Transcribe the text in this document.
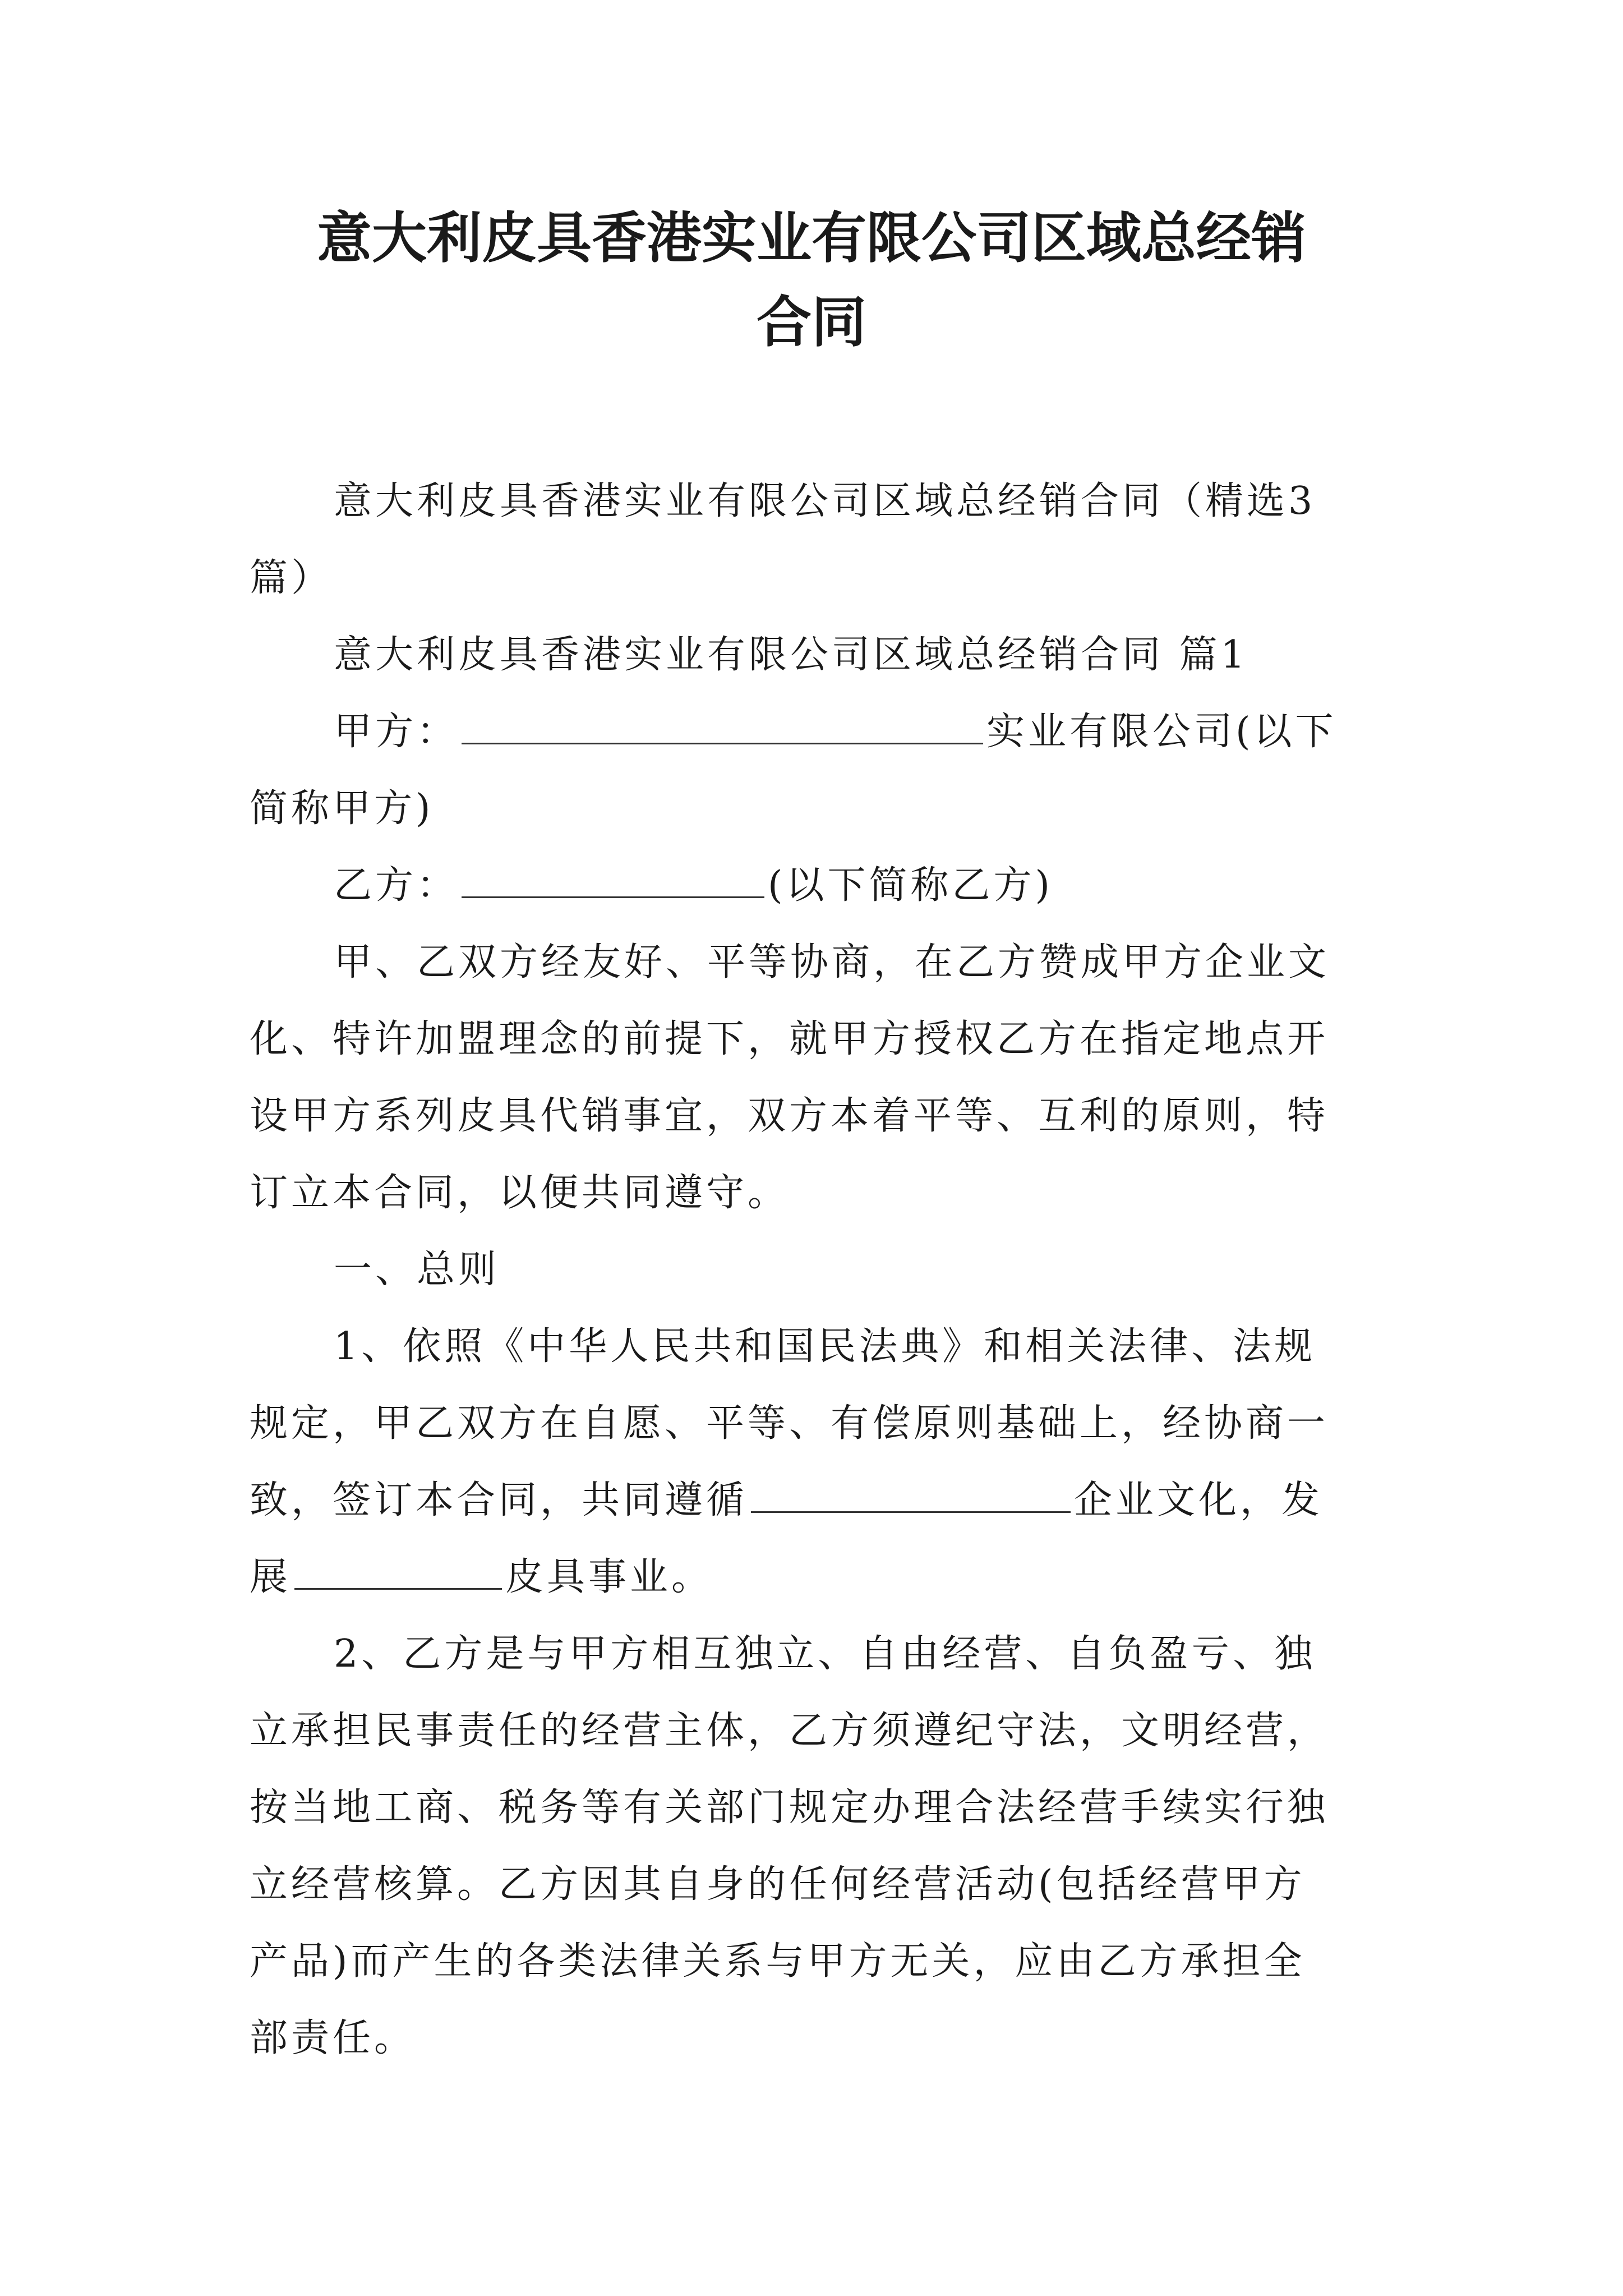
意大利皮具香港实业有限公司区域总经销
合同
意大利皮具香港实业有限公司区域总经销合同（精选3
篇）
意大利皮具香港实业有限公司区域总经销合同 篇1
甲方：	实业有限公司(以下
简称甲方)
乙方：	(以下简称乙方)
甲、乙双方经友好、平等协商，在乙方赞成甲方企业文
化、特许加盟理念的前提下，就甲方授权乙方在指定地点开
设甲方系列皮具代销事宜，双方本着平等、互利的原则，特
订立本合同，以便共同遵守。
一、总则
1、依照《中华人民共和国民法典》和相关法律、法规
规定，甲乙双方在自愿、平等、有偿原则基础上，经协商一
致，签订本合同，共同遵循	企业文化，发
展	皮具事业。
2、乙方是与甲方相互独立、自由经营、自负盈亏、独
立承担民事责任的经营主体，乙方须遵纪守法，文明经营，
按当地工商、税务等有关部门规定办理合法经营手续实行独
立经营核算。乙方因其自身的任何经营活动(包括经营甲方
产品)而产生的各类法律关系与甲方无关，应由乙方承担全
部责任。
